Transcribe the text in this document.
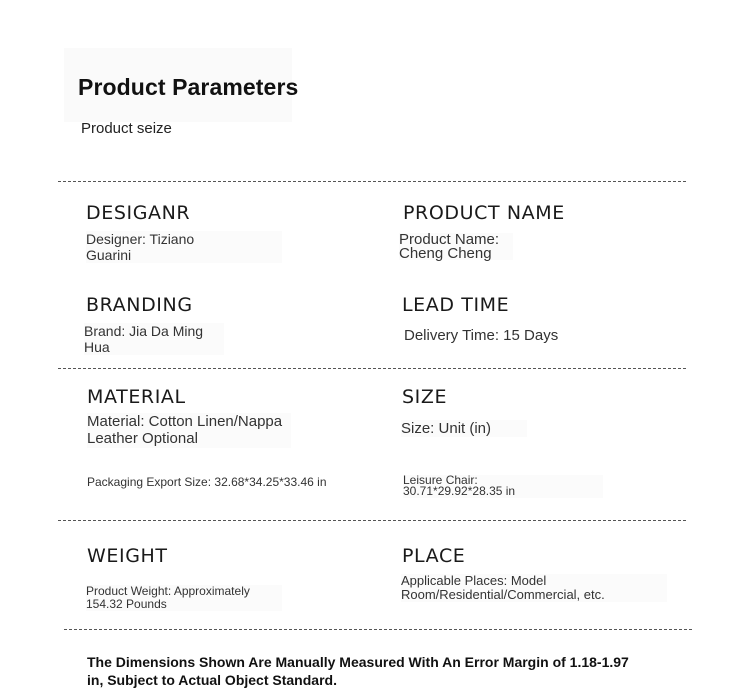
Product Parameters
Product seize
DESIGANR
Designer: Tiziano
Guarini
PRODUCT NAME
Product Name:
Cheng Cheng
BRANDING
Brand: Jia Da Ming
Hua
LEAD TIME
Delivery Time: 15 Days
MATERIAL
Material: Cotton Linen/Nappa
Leather Optional
SIZE
Size: Unit (in)
Packaging Export Size: 32.68*34.25*33.46 in	Leisure Chair:
30.71*29.92*28.35 in
WEIGHT
Product Weight: Approximately
154.32 Pounds
PLACE
Applicable Places: Model
Room/Residential/Commercial, etc.
The Dimensions Shown Are Manually Measured With An Error Margin of 1.18-1.97
in, Subject to Actual Object Standard.
